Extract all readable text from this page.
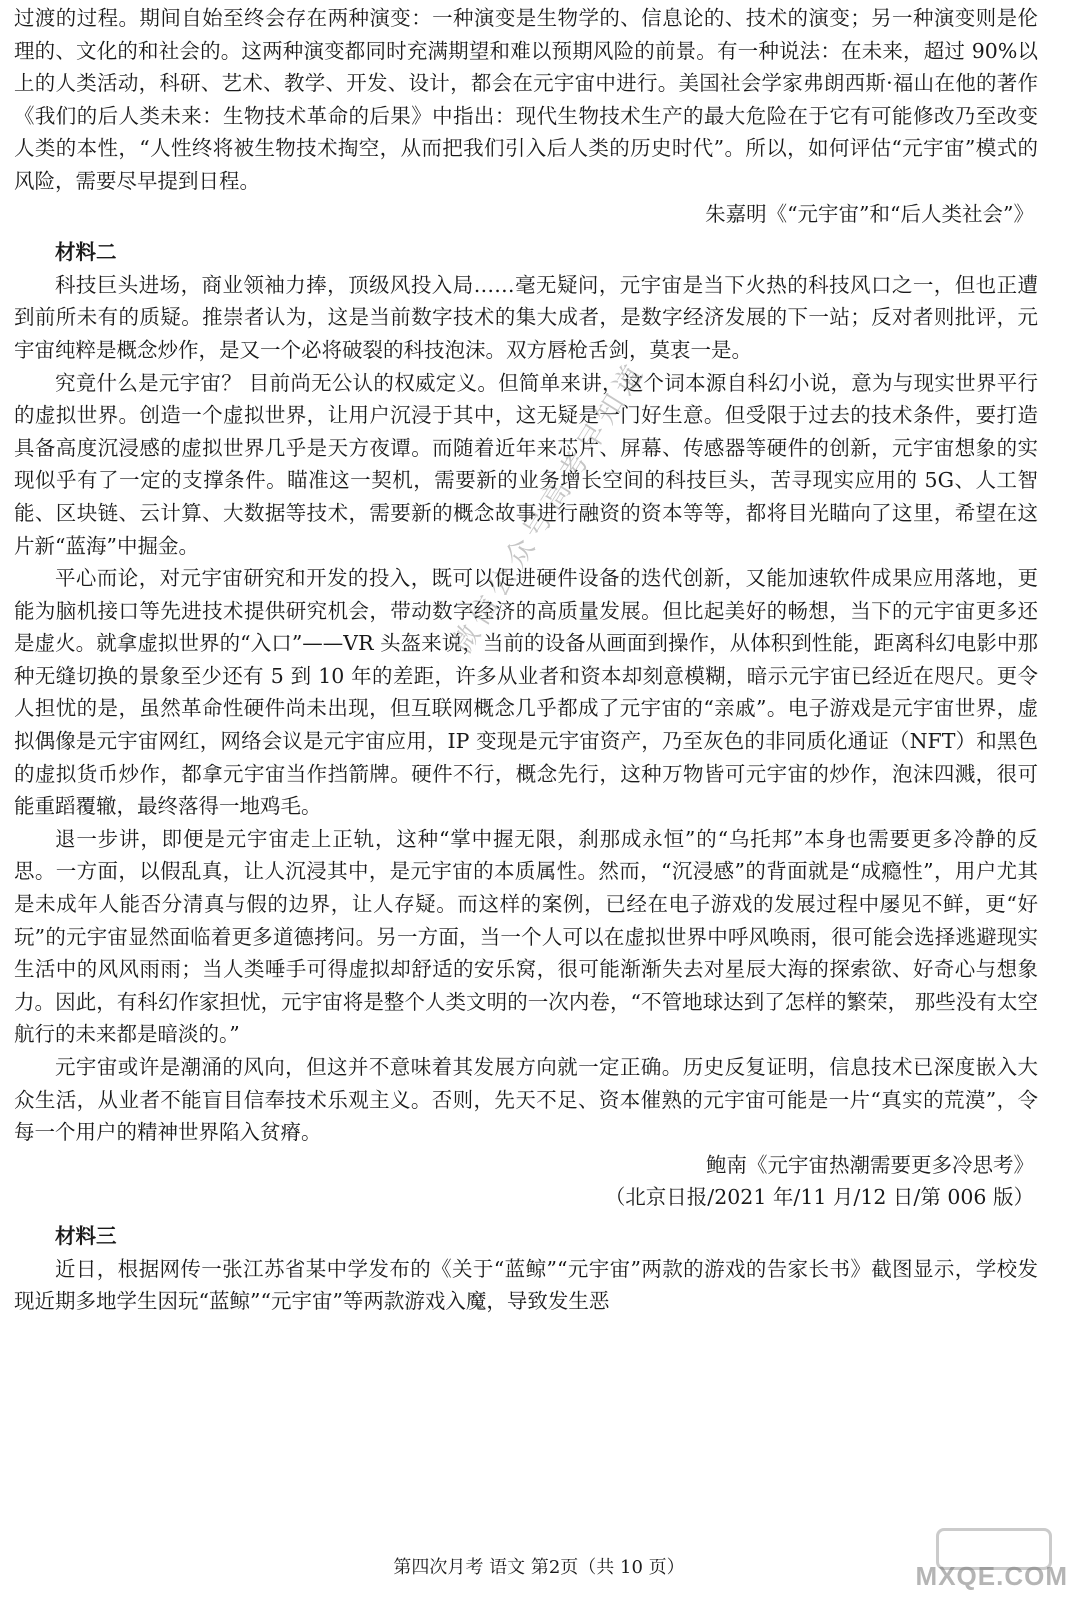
过渡的过程。期间自始至终会存在两种演变：一种演变是生物学的、信息论的、技术的演变；另一种演变则是伦理的、文化的和社会的。这两种演变都同时充满期望和难以预期风险的前景。有一种说法：在未来，超过 90%以上的人类活动，科研、艺术、教学、开发、设计，都会在元宇宙中进行。美国社会学家弗朗西斯·福山在他的著作《我们的后人类未来：生物技术革命的后果》中指出：现代生物技术生产的最大危险在于它有可能修改乃至改变人类的本性，“人性终将被生物技术掏空，从而把我们引入后人类的历史时代”。所以，如何评估“元宇宙”模式的风险，需要尽早提到日程。

朱嘉明《“元宇宙”和“后人类社会”》

材料二

科技巨头进场，商业领袖力捧，顶级风投入局……毫无疑问，元宇宙是当下火热的科技风口之一，但也正遭到前所未有的质疑。推崇者认为，这是当前数字技术的集大成者，是数字经济发展的下一站；反对者则批评，元宇宙纯粹是概念炒作，是又一个必将破裂的科技泡沫。双方唇枪舌剑，莫衷一是。

究竟什么是元宇宙？ 目前尚无公认的权威定义。但简单来讲，这个词本源自科幻小说，意为与现实世界平行的虚拟世界。创造一个虚拟世界，让用户沉浸于其中，这无疑是一门好生意。但受限于过去的技术条件，要打造具备高度沉浸感的虚拟世界几乎是天方夜谭。而随着近年来芯片、屏幕、传感器等硬件的创新，元宇宙想象的实现似乎有了一定的支撑条件。瞄准这一契机，需要新的业务增长空间的科技巨头，苦寻现实应用的 5G、人工智能、区块链、云计算、大数据等技术，需要新的概念故事进行融资的资本等等，都将目光瞄向了这里，希望在这片新“蓝海”中掘金。

平心而论，对元宇宙研究和开发的投入，既可以促进硬件设备的迭代创新，又能加速软件成果应用落地，更能为脑机接口等先进技术提供研究机会，带动数字经济的高质量发展。但比起美好的畅想，当下的元宇宙更多还是虚火。就拿虚拟世界的“入口”——VR 头盔来说，当前的设备从画面到操作，从体积到性能，距离科幻电影中那种无缝切换的景象至少还有 5 到 10 年的差距，许多从业者和资本却刻意模糊，暗示元宇宙已经近在咫尺。更令人担忧的是，虽然革命性硬件尚未出现，但互联网概念几乎都成了元宇宙的“亲戚”。电子游戏是元宇宙世界，虚拟偶像是元宇宙网红，网络会议是元宇宙应用，IP 变现是元宇宙资产，乃至灰色的非同质化通证（NFT）和黑色的虚拟货币炒作，都拿元宇宙当作挡箭牌。硬件不行，概念先行，这种万物皆可元宇宙的炒作，泡沫四溅，很可能重蹈覆辙，最终落得一地鸡毛。

退一步讲，即便是元宇宙走上正轨，这种“掌中握无限，刹那成永恒”的“乌托邦”本身也需要更多冷静的反思。一方面，以假乱真，让人沉浸其中，是元宇宙的本质属性。然而，“沉浸感”的背面就是“成瘾性”，用户尤其是未成年人能否分清真与假的边界，让人存疑。而这样的案例，已经在电子游戏的发展过程中屡见不鲜，更“好玩”的元宇宙显然面临着更多道德拷问。另一方面，当一个人可以在虚拟世界中呼风唤雨，很可能会选择逃避现实生活中的风风雨雨；当人类唾手可得虚拟却舒适的安乐窝，很可能渐渐失去对星辰大海的探索欲、好奇心与想象力。因此，有科幻作家担忧，元宇宙将是整个人类文明的一次内卷，“不管地球达到了怎样的繁荣， 那些没有太空航行的未来都是暗淡的。”

元宇宙或许是潮涌的风向，但这并不意味着其发展方向就一定正确。历史反复证明，信息技术已深度嵌入大众生活，从业者不能盲目信奉技术乐观主义。否则，先天不足、资本催熟的元宇宙可能是一片“真实的荒漠”，令每一个用户的精神世界陷入贫瘠。

鲍南《元宇宙热潮需要更多冷思考》

（北京日报/2021 年/11 月/12 日/第 006 版）

材料三

近日，根据网传一张江苏省某中学发布的《关于“蓝鲸”“元宇宙”两款的游戏的告家长书》截图显示，学校发现近期多地学生因玩“蓝鲸”“元宇宙”等两款游戏入魔，导致发生恶

微信公众号高考早知道
第四次月考 语文 第2页（共 10 页）	MXQE.COM
